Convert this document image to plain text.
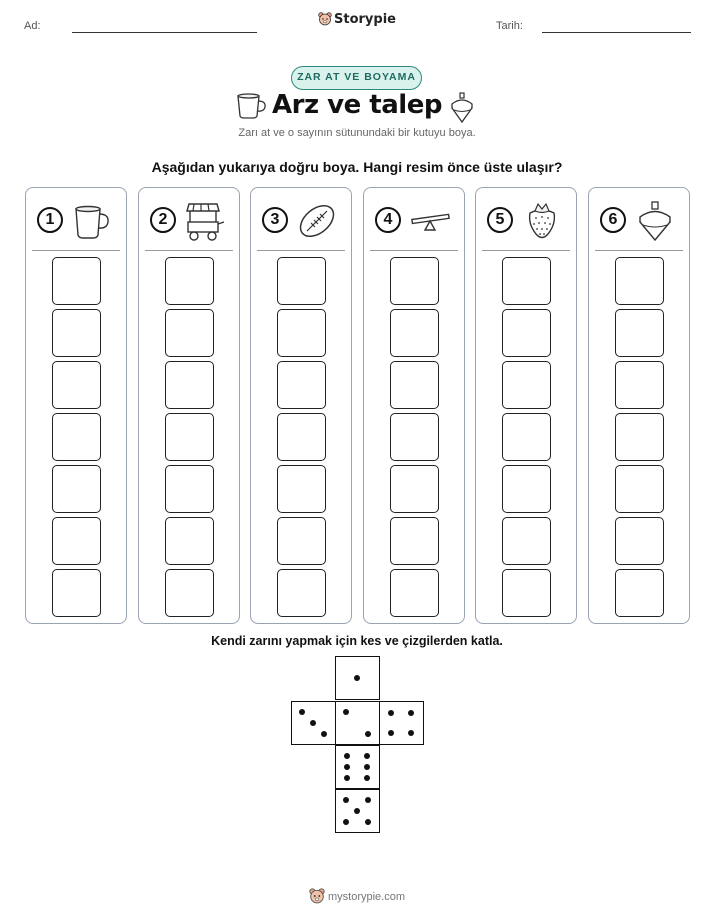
Ad:	Storypie	Tarih:
ZAR AT VE BOYAMA
Arz ve talep
Zarı at ve o sayının sütunundaki bir kutuyu boya.
Aşağıdan yukarıya doğru boya. Hangi resim önce üste ulaşır?
1	2	3	4	5	6
Kendi zarını yapmak için kes ve çizgilerden katla.
mystorypie.com
